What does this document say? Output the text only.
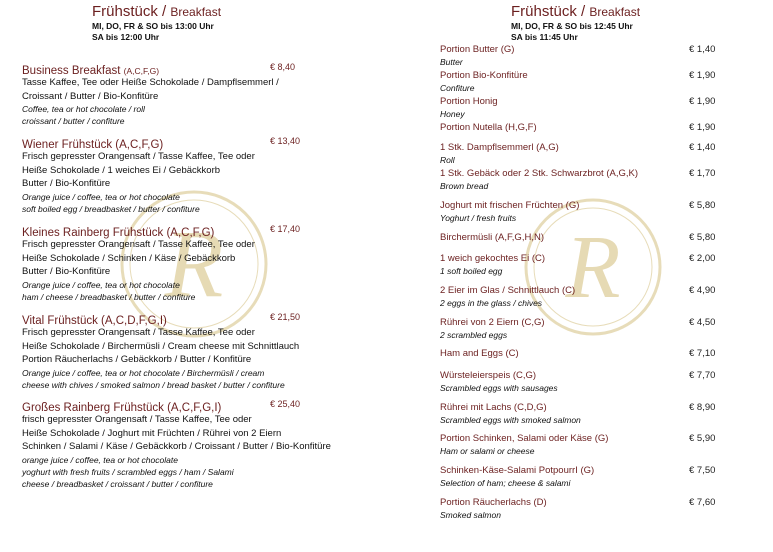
R	R
Frühstück / Breakfast
MI, DO, FR & SO bis 13:00 Uhr
SA bis 12:00 Uhr
Frühstück / Breakfast
MI, DO, FR & SO bis 12:45 Uhr
SA bis 11:45 Uhr
Business Breakfast (A,C,F,G)	€ 8,40
Tasse Kaffee, Tee oder Heiße Schokolade / Dampflsemmerl /
Croissant / Butter / Bio-Konfitüre
Coffee, tea or hot chocolate / roll
croissant / butter / confiture
Wiener Frühstück (A,C,F,G)	€ 13,40
Frisch gepresster Orangensaft / Tasse Kaffee, Tee oder
Heiße Schokolade / 1 weiches Ei / Gebäckkorb
Butter / Bio-Konfitüre
Orange juice / coffee, tea or hot chocolate
soft boiled egg / breadbasket / butter / confiture
Kleines Rainberg Frühstück (A,C,F,G)	€ 17,40
Frisch gepresster Orangensaft / Tasse Kaffee, Tee oder
Heiße Schokolade / Schinken / Käse / Gebäckkorb
Butter / Bio-Konfitüre
Orange juice / coffee, tea or hot chocolate
ham / cheese / breadbasket / butter / confiture
Vital Frühstück (A,C,D,F,G,I)	€ 21,50
Frisch gepresster Orangensaft / Tasse Kaffee, Tee oder
Heiße Schokolade / Birchermüsli / Cream cheese mit Schnittlauch
Portion Räucherlachs / Gebäckkorb / Butter / Konfitüre
Orange juice / coffee, tea or hot chocolate / Birchermüsli / cream
cheese with chives / smoked salmon / bread basket / butter / confiture
Großes Rainberg Frühstück (A,C,F,G,I)	€ 25,40
frisch gepresster Orangensaft / Tasse Kaffee, Tee oder
Heiße Schokolade / Joghurt mit Früchten / Rührei von 2 Eiern
Schinken / Salami / Käse / Gebäckkorb / Croissant / Butter / Bio-Konfitüre
orange juice / coffee, tea or hot chocolate
yoghurt with fresh fruits / scrambled eggs / ham / Salami
cheese / breadbasket / croissant / butter / confiture
Portion Butter (G)	€ 1,40
Butter
Portion Bio-Konfitüre	€ 1,90
Confiture
Portion Honig	€ 1,90
Honey
Portion Nutella (H,G,F)	€ 1,90
1 Stk. Dampflsemmerl (A,G)	€ 1,40
Roll
1 Stk. Gebäck oder 2 Stk. Schwarzbrot (A,G,K)	€ 1,70
Brown bread
Joghurt mit frischen Früchten (G)	€ 5,80
Yoghurt / fresh fruits
Birchermüsli (A,F,G,H,N)	€ 5,80
1 weich gekochtes Ei (C)	€ 2,00
1 soft boiled egg
2 Eier im Glas / Schnittlauch (C)	€ 4,90
2 eggs in the glass / chives
Rührei von 2 Eiern (C,G)	€ 4,50
2 scrambled eggs
Ham and Eggs (C)	€ 7,10
Würsteleierspeis (C,G)	€ 7,70
Scrambled eggs with sausages
Rührei mit Lachs (C,D,G)	€ 8,90
Scrambled eggs with smoked salmon
Portion Schinken, Salami oder Käse (G)	€ 5,90
Ham or salami or cheese
Schinken-Käse-Salami PotpourrI (G)	€ 7,50
Selection of ham; cheese & salami
Portion Räucherlachs (D)	€ 7,60
Smoked salmon
